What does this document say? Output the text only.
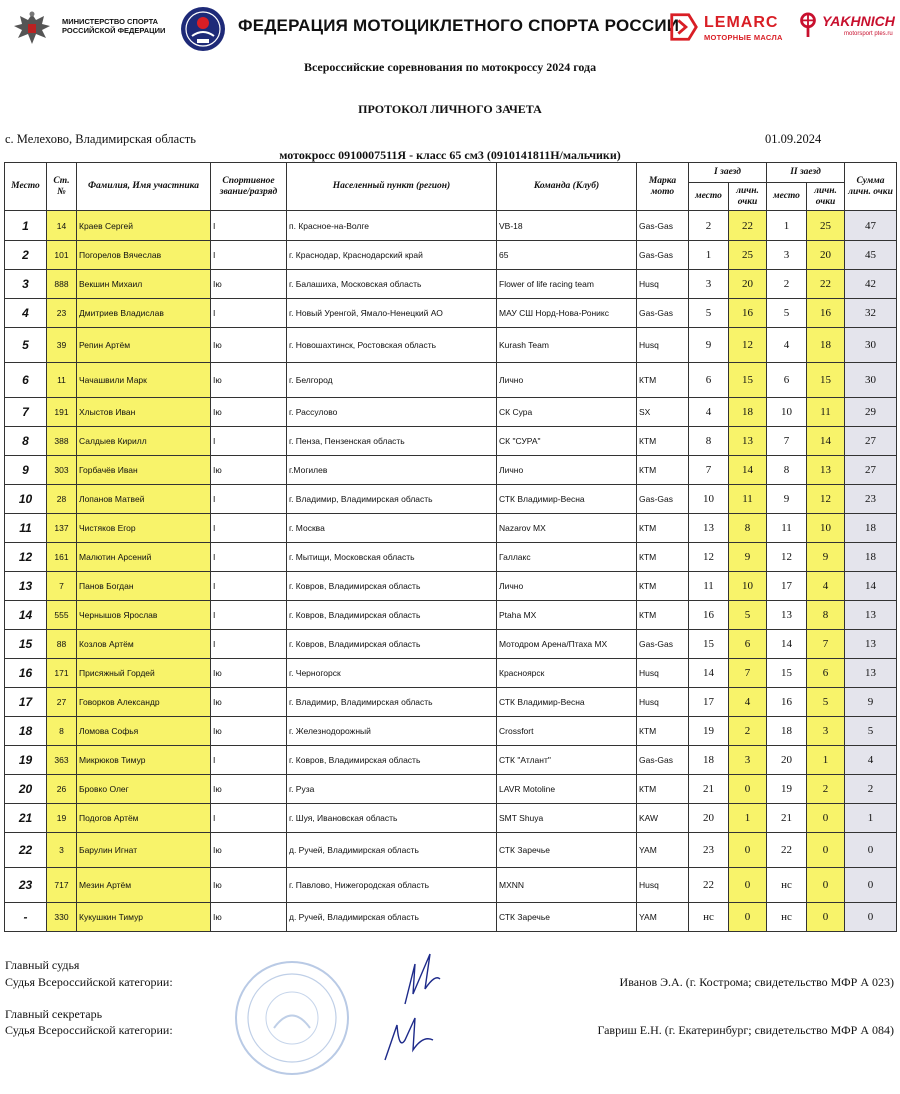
МИНИСТЕРСТВО СПОРТА РОССИЙСКОЙ ФЕДЕРАЦИИ	ФЕДЕРАЦИЯ МОТОЦИКЛЕТНОГО СПОРТА РОССИИ LEMARC
МОТОРНЫЕ МАСЛА
YAKHNICH
motorsport ptes.ru
Всероссийские соревнования по мотокроссу 2024 года
ПРОТОКОЛ ЛИЧНОГО ЗАЧЕТА
с. Мелехово, Владимирская область	01.09.2024
мотокросс 0910007511Я - класс 65 см3 (0910141811Н/мальчики)
Место	Ст. №	Фамилия, Имя участника	Спортивное звание/разряд	Населенный пункт (регион)	Команда (Клуб)	Марка мото	I заезд		II заезд		Сумма личн. очки
							место	личн. очки	место	личн. очки	
1	14	Краев Сергей	I	п. Красное-на-Волге	VB-18	Gas-Gas	2	22	1	25	47
2	101	Погорелов Вячеслав	I	г. Краснодар, Краснодарский край	65	Gas-Gas	1	25	3	20	45
3	888	Векшин Михаил	Ію	г. Балашиха, Московская область	Flower of life racing team	Husq	3	20	2	22	42
4	23	Дмитриев Владислав	I	г. Новый Уренгой, Ямало-Ненецкий АО	МАУ СШ Норд-Нова-Роникс	Gas-Gas	5	16	5	16	32
5	39	Репин Артём	Ію	г. Новошахтинск, Ростовская область	Kurash Team	Husq	9	12	4	18	30
6	11	Чачашвили Марк	Ію	г. Белгород	Лично	КТМ	6	15	6	15	30
7	191	Хлыстов Иван	Ію	г. Рассулово	СК Сура	SX	4	18	10	11	29
8	388	Салдыев Кирилл	I	г. Пенза, Пензенская область	СК "СУРА"	КТМ	8	13	7	14	27
9	303	Горбачёв Иван	Ію	г.Могилев	Лично	КТМ	7	14	8	13	27
10	28	Лопанов Матвей	I	г. Владимир, Владимирская область	СТК Владимир-Весна	Gas-Gas	10	11	9	12	23
11	137	Чистяков Егор	I	г. Москва	Nazarov MX	КТМ	13	8	11	10	18
12	161	Малютин Арсений	I	г. Мытищи, Московская область	Галлакс	КТМ	12	9	12	9	18
13	7	Панов Богдан	I	г. Ковров, Владимирская область	Лично	КТМ	11	10	17	4	14
14	555	Чернышов Ярослав	I	г. Ковров, Владимирская область	Ptaha MX	КТМ	16	5	13	8	13
15	88	Козлов Артём	I	г. Ковров, Владимирская область	Мотодром Арена/Птаха МХ	Gas-Gas	15	6	14	7	13
16	171	Присяжный Гордей	Ію	г. Черногорск	Красноярск	Husq	14	7	15	6	13
17	27	Говорков Александр	Ію	г. Владимир, Владимирская область	СТК Владимир-Весна	Husq	17	4	16	5	9
18	8	Ломова Софья	Ію	г. Железнодорожный	Crossfort	КТМ	19	2	18	3	5
19	363	Микрюков Тимур	I	г. Ковров, Владимирская область	СТК "Атлант"	Gas-Gas	18	3	20	1	4
20	26	Бровко Олег	Ію	г. Руза	LAVR Motoline	КТМ	21	0	19	2	2
21	19	Подогов Артём	I	г. Шуя, Ивановская область	SMT Shuya	KAW	20	1	21	0	1
22	3	Барулин Игнат	Ію	д. Ручей, Владимирская область	СТК Заречье	YAM	23	0	22	0	0
23	717	Мезин Артём	Ію	г. Павлово, Нижегородская область	MXNN	Husq	22	0	нс	0	0
-	330	Кукушкин Тимур	Ію	д. Ручей, Владимирская область	СТК Заречье	YAM	нс	0	нс	0	0
Главный судья
Судья Всероссийской категории:	Иванов Э.А. (г. Кострома; свидетельство МФР А 023)
Главный секретарь
Судья Всероссийской категории:	Гавриш Е.Н. (г. Екатеринбург; свидетельство МФР А 084)
